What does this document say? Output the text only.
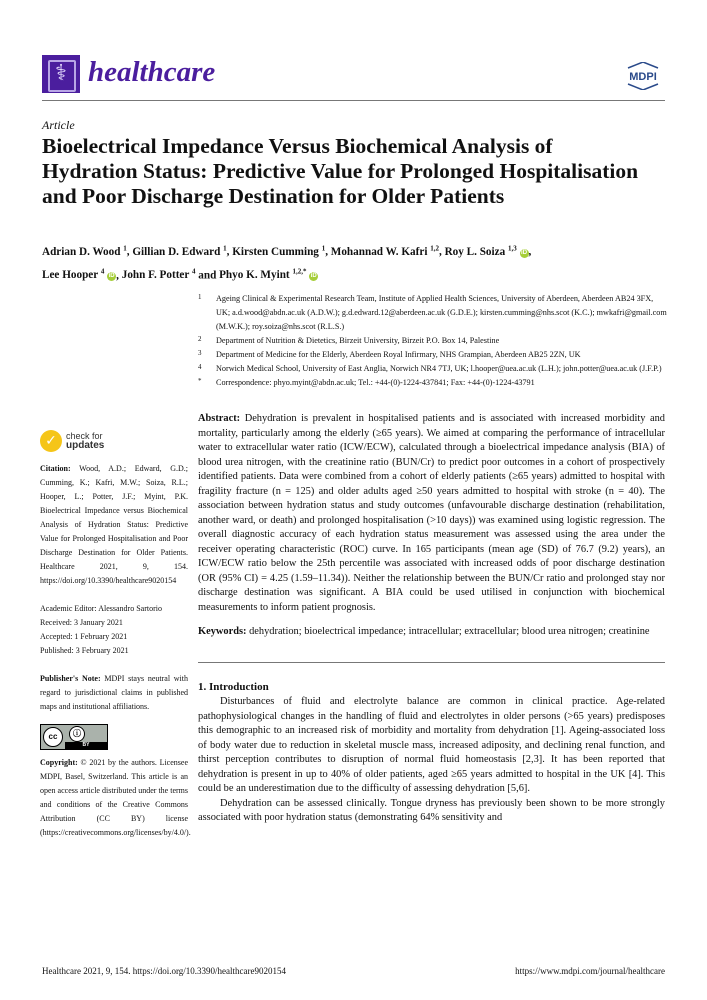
⚕ healthcare	MDPI
Article
Bioelectrical Impedance Versus Biochemical Analysis of Hydration Status: Predictive Value for Prolonged Hospitalisation and Poor Discharge Destination for Older Patients
Adrian D. Wood $^1$, Gillian D. Edward $^1$, Kirsten Cumming $^1$, Mohannad W. Kafri $^{1,2}$, Roy L. Soiza $^{1,3}$ iD ,
Lee Hooper $^4$ iD , John F. Potter $^4$ and Phyo K. Myint $^{1,2,*}$ iD
1 Ageing Clinical & Experimental Research Team, Institute of Applied Health Sciences, University of Aberdeen, Aberdeen AB24 3FX, UK; a.d.wood@abdn.ac.uk (A.D.W.); g.d.edward.12@aberdeen.ac.uk (G.D.E.); kirsten.cumming@nhs.scot (K.C.); mwkafri@gmail.com (M.W.K.); roy.soiza@nhs.scot (R.L.S.)
2 Department of Nutrition & Dietetics, Birzeit University, Birzeit P.O. Box 14, Palestine
3 Department of Medicine for the Elderly, Aberdeen Royal Infirmary, NHS Grampian, Aberdeen AB25 2ZN, UK
4 Norwich Medical School, University of East Anglia, Norwich NR4 7TJ, UK; l.hooper@uea.ac.uk (L.H.); john.potter@uea.ac.uk (J.F.P.)
* Correspondence: phyo.myint@abdn.ac.uk; Tel.: +44-(0)-1224-437841; Fax: +44-(0)-1224-43791
✓	check for
updates

Citation: Wood, A.D.; Edward, G.D.; Cumming, K.; Kafri, M.W.; Soiza, R.L.; Hooper, L.; Potter, J.F.; Myint, P.K. Bioelectrical Impedance versus Biochemical Analysis of Hydration Status: Predictive Value for Prolonged Hospitalisation and Poor Discharge Destination for Older Patients. Healthcare 2021, 9, 154. https://doi.org/10.3390/healthcare9020154

Academic Editor: Alessandro Sartorio

Received: 3 January 2021

Accepted: 1 February 2021

Published: 3 February 2021

Publisher's Note: MDPI stays neutral with regard to jurisdictional claims in published maps and institutional affiliations.

cc	ⓘ
BY

Copyright: © 2021 by the authors. Licensee MDPI, Basel, Switzerland. This article is an open access article distributed under the terms and conditions of the Creative Commons Attribution (CC BY) license (https://creativecommons.org/licenses/by/4.0/).

Abstract: Dehydration is prevalent in hospitalised patients and is associated with increased morbidity and mortality, particularly among the elderly (≥65 years). We aimed at comparing the performance of intracellular water to extracellular water ratio (ICW/ECW), calculated through a bioelectrical impedance analysis (BIA) of blood urea nitrogen, with the creatinine ratio (BUN/Cr) to predict poor outcomes in a cohort of prospectively identified patients. Data were combined from a cohort of elderly patients (≥65 years) admitted to hospital with fragility fracture (n = 125) and older adults aged ≥50 years admitted to hospital with stroke (n = 40). The association between hydration status and study outcomes (unfavourable discharge destination (rehabilitation, another ward, or death) and prolonged hospitalisation (>10 days)) was examined using logistic regression. The overall diagnostic accuracy of each hydration status measurement was assessed using the area under the receiver operating characteristic (ROC) curve. In 165 participants (mean age (SD) of 76.7 (9.2) years), an ICW/ECW ratio below the 25th percentile was associated with increased odds of poor discharge destination (OR (95% CI) = 4.25 (1.59–11.34)). Neither the relationship between the BUN/Cr ratio and prolonged stay nor discharge destination was significant. A BIA could be used utilised in conjunction with biochemical measurements to inform patient prognosis.

Keywords: dehydration; bioelectrical impedance; intracellular; extracellular; blood urea nitrogen; creatinine

1. Introduction

Disturbances of fluid and electrolyte balance are common in clinical practice. Age-related pathophysiological changes in the handling of fluid and electrolytes in older persons (>65 years) predisposes this demographic to an increased risk of morbidity and mortality from dehydration [1]. Ageing-associated loss of body water due to reduction in skeletal muscle mass, increased adiposity, and declining renal function, and thirst perception contributes to disruption of normal fluid homeostasis [2,3]. It has been reported that dehydration is present in up to 40% of older patients, aged ≥65 years admitted to hospital in the UK [4]. This could be an underestimation due to the difficulty of assessing dehydration [5,6].

Dehydration can be assessed clinically. Tongue dryness has previously been shown to be more strongly associated with poor hydration status (demonstrating 64% sensitivity and

Healthcare 2021, 9, 154. https://doi.org/10.3390/healthcare9020154	https://www.mdpi.com/journal/healthcare
